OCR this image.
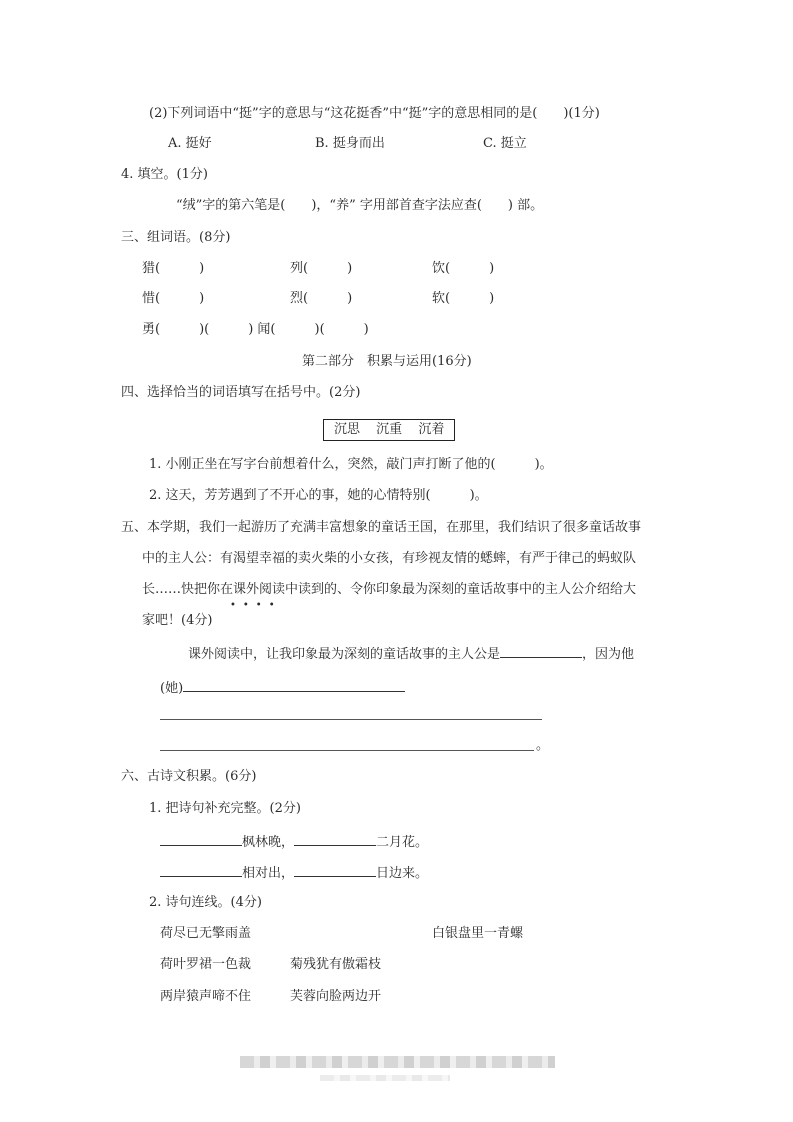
(2)下列词语中“挺”字的意思与“这花挺香”中“挺”字的意思相同的是(　　)(1分)
A. 挺好	B. 挺身而出	C. 挺立
4. 填空。(1分)
“绒”字的第六笔是(　　)，“养” 字用部首查字法应查(　　) 部。
三、组词语。(8分)
猎(　　　)	列(　　　)	饮(　　　)
惜(　　　)	烈(　　　)	软(　　　)
勇(　　　)(　　　) 闻(　　　)(　　　)
第二部分　积累与运用(16分)
四、选择恰当的词语填写在括号中。(2分)
沉思 沉重 沉着
1. 小刚正坐在写字台前想着什么，突然，敲门声打断了他的(　　　)。
2. 这天，芳芳遇到了不开心的事，她的心情特别(　　　)。
五、本学期，我们一起游历了充满丰富想象的童话王国，在那里，我们结识了很多童话故事
中的主人公：有渴望幸福的卖火柴的小女孩，有珍视友情的蟋蟀，有严于律己的蚂蚁队
长……快把你在课外阅读中读到的、令你印象最为深刻的童话故事中的主人公介绍给大
••••
家吧！(4分)
课外阅读中，让我印象最为深刻的童话故事的主人公是	，因为他
(她)
。
六、古诗文积累。(6分)
1. 把诗句补充完整。(2分)
枫林晚，	二月花。
相对出，	日边来。
2. 诗句连线。(4分)
荷尽已无擎雨盖	白银盘里一青螺
荷叶罗裙一色裁	菊残犹有傲霜枝
两岸猿声啼不住	芙蓉向脸两边开
